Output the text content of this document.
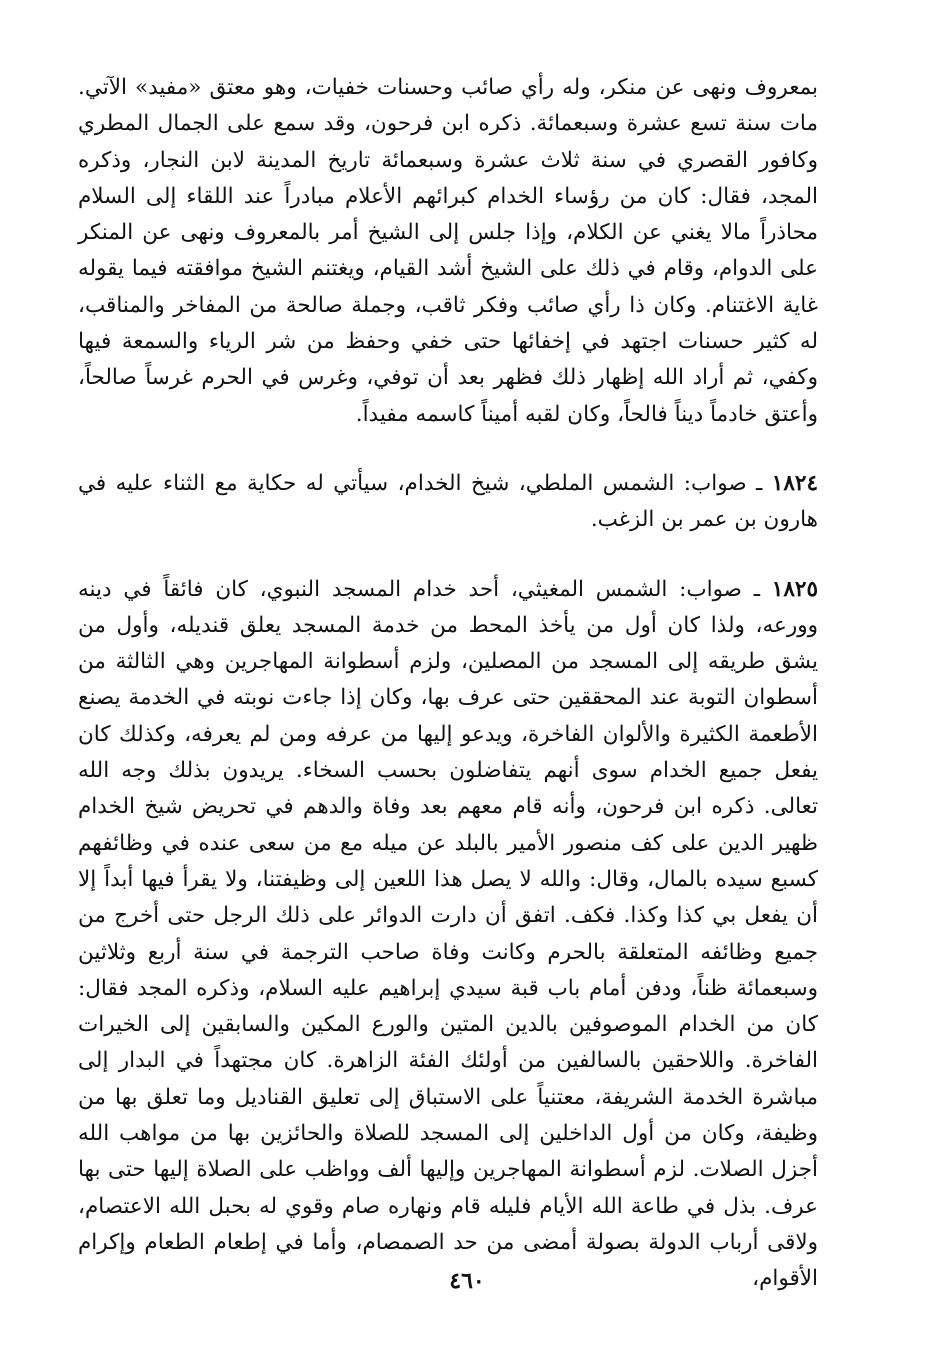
بمعروف ونهى عن منكر، وله رأي صائب وحسنات خفيات، وهو معتق «مفيد» الآتي. مات سنة تسع عشرة وسبعمائة. ذكره ابن فرحون، وقد سمع على الجمال المطري وكافور القصري في سنة ثلاث عشرة وسبعمائة تاريخ المدينة لابن النجار، وذكره المجد، فقال: كان من رؤساء الخدام كبرائهم الأعلام مبادراً عند اللقاء إلى السلام محاذراً مالا يغني عن الكلام، وإذا جلس إلى الشيخ أمر بالمعروف ونهى عن المنكر على الدوام، وقام في ذلك على الشيخ أشد القيام، ويغتنم الشيخ موافقته فيما يقوله غاية الاغتنام. وكان ذا رأي صائب وفكر ثاقب، وجملة صالحة من المفاخر والمناقب، له كثير حسنات اجتهد في إخفائها حتى خفي وحفظ من شر الرياء والسمعة فيها وكفي، ثم أراد الله إظهار ذلك فظهر بعد أن توفي، وغرس في الحرم غرساً صالحاً، وأعتق خادماً ديناً فالحاً، وكان لقبه أميناً كاسمه مفيداً.

١٨٢٤ ـ صواب: الشمس الملطي، شيخ الخدام، سيأتي له حكاية مع الثناء عليه في هارون بن عمر بن الزغب.

١٨٢٥ ـ صواب: الشمس المغيثي، أحد خدام المسجد النبوي، كان فائقاً في دينه وورعه، ولذا كان أول من يأخذ المحط من خدمة المسجد يعلق قنديله، وأول من يشق طريقه إلى المسجد من المصلين، ولزم أسطوانة المهاجرين وهي الثالثة من أسطوان التوبة عند المحققين حتى عرف بها، وكان إذا جاءت نوبته في الخدمة يصنع الأطعمة الكثيرة والألوان الفاخرة، ويدعو إليها من عرفه ومن لم يعرفه، وكذلك كان يفعل جميع الخدام سوى أنهم يتفاضلون بحسب السخاء. يريدون بذلك وجه الله تعالى. ذكره ابن فرحون، وأنه قام معهم بعد وفاة والدهم في تحريض شيخ الخدام ظهير الدين على كف منصور الأمير بالبلد عن ميله مع من سعى عنده في وظائفهم كسبع سيده بالمال، وقال: والله لا يصل هذا اللعين إلى وظيفتنا، ولا يقرأ فيها أبداً إلا أن يفعل بي كذا وكذا. فكف. اتفق أن دارت الدوائر على ذلك الرجل حتى أخرج من جميع وظائفه المتعلقة بالحرم وكانت وفاة صاحب الترجمة في سنة أربع وثلاثين وسبعمائة ظناً، ودفن أمام باب قبة سيدي إبراهيم عليه السلام، وذكره المجد فقال: كان من الخدام الموصوفين بالدين المتين والورع المكين والسابقين إلى الخيرات الفاخرة. واللاحقين بالسالفين من أولئك الفئة الزاهرة. كان مجتهداً في البدار إلى مباشرة الخدمة الشريفة، معتنياً على الاستباق إلى تعليق القناديل وما تعلق بها من وظيفة، وكان من أول الداخلين إلى المسجد للصلاة والحائزين بها من مواهب الله أجزل الصلات. لزم أسطوانة المهاجرين وإليها ألف وواظب على الصلاة إليها حتى بها عرف. بذل في طاعة الله الأيام فليله قام ونهاره صام وقوي له بحبل الله الاعتصام، ولاقى أرباب الدولة بصولة أمضى من حد الصمصام، وأما في إطعام الطعام وإكرام الأقوام،

٤٦٠
